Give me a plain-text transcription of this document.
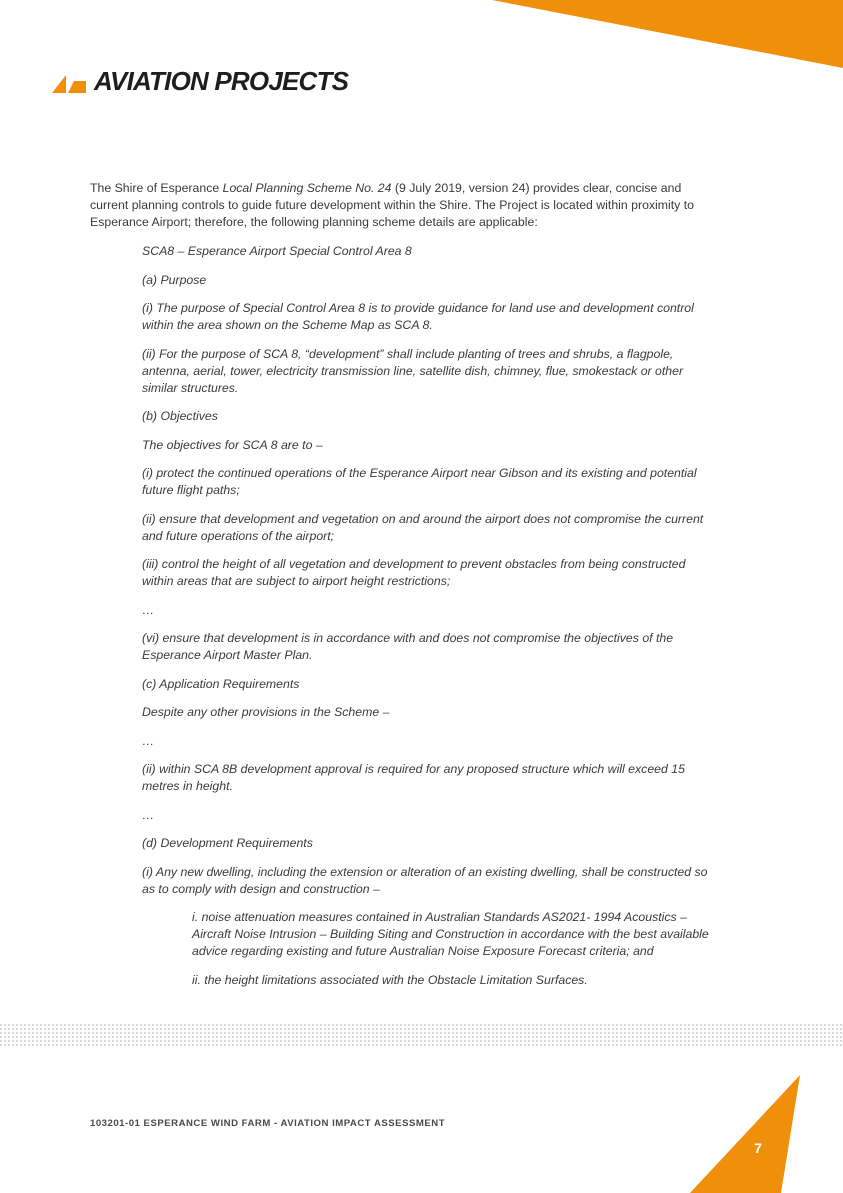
AVIATION PROJECTS

The Shire of Esperance Local Planning Scheme No. 24 (9 July 2019, version 24) provides clear, concise and current planning controls to guide future development within the Shire. The Project is located within proximity to Esperance Airport; therefore, the following planning scheme details are applicable:

SCA8 – Esperance Airport Special Control Area 8

(a) Purpose

(i) The purpose of Special Control Area 8 is to provide guidance for land use and development control within the area shown on the Scheme Map as SCA 8.

(ii) For the purpose of SCA 8, “development” shall include planting of trees and shrubs, a flagpole, antenna, aerial, tower, electricity transmission line, satellite dish, chimney, flue, smokestack or other similar structures.

(b) Objectives

The objectives for SCA 8 are to –

(i) protect the continued operations of the Esperance Airport near Gibson and its existing and potential future flight paths;

(ii) ensure that development and vegetation on and around the airport does not compromise the current and future operations of the airport;

(iii) control the height of all vegetation and development to prevent obstacles from being constructed within areas that are subject to airport height restrictions;

…

(vi) ensure that development is in accordance with and does not compromise the objectives of the Esperance Airport Master Plan.

(c) Application Requirements

Despite any other provisions in the Scheme –

…

(ii) within SCA 8B development approval is required for any proposed structure which will exceed 15 metres in height.

…

(d) Development Requirements

(i) Any new dwelling, including the extension or alteration of an existing dwelling, shall be constructed so as to comply with design and construction –

i. noise attenuation measures contained in Australian Standards AS2021- 1994 Acoustics – Aircraft Noise Intrusion – Building Siting and Construction in accordance with the best available advice regarding existing and future Australian Noise Exposure Forecast criteria; and

ii. the height limitations associated with the Obstacle Limitation Surfaces.

103201-01 ESPERANCE WIND FARM - AVIATION IMPACT ASSESSMENT
7
